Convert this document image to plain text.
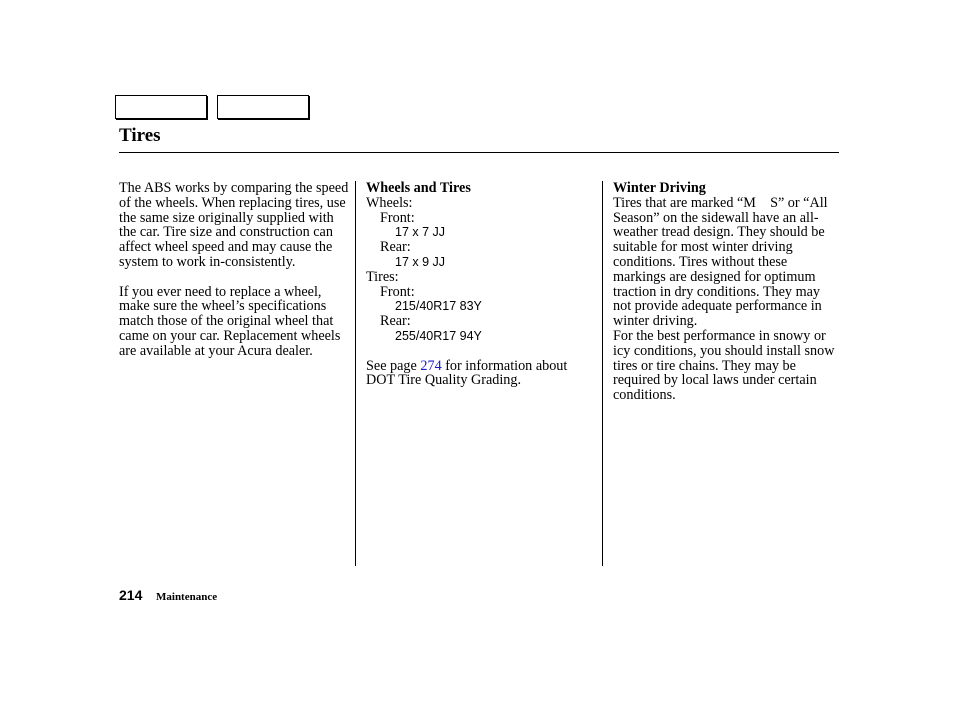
Tires

The ABS works by comparing the speed of the wheels. When replacing tires, use the same size originally supplied with the car. Tire size and construction can affect wheel speed and may cause the system to work in-consistently.

If you ever need to replace a wheel, make sure the wheel’s specifications match those of the original wheel that came on your car. Replacement wheels are available at your Acura dealer.

Wheels and Tires

Wheels:

Front:

17 x 7 JJ

Rear:

17 x 9 JJ

Tires:

Front:

215/40R17 83Y

Rear:

255/40R17 94Y

See page 274 for information about DOT Tire Quality Grading.

Winter Driving

Tires that are marked “M    S” or “All Season” on the sidewall have an all-weather tread design. They should be suitable for most winter driving conditions. Tires without these markings are designed for optimum traction in dry conditions. They may not provide adequate performance in winter driving.

For the best performance in snowy or icy conditions, you should install snow tires or tire chains. They may be required by local laws under certain conditions.

214 Maintenance
